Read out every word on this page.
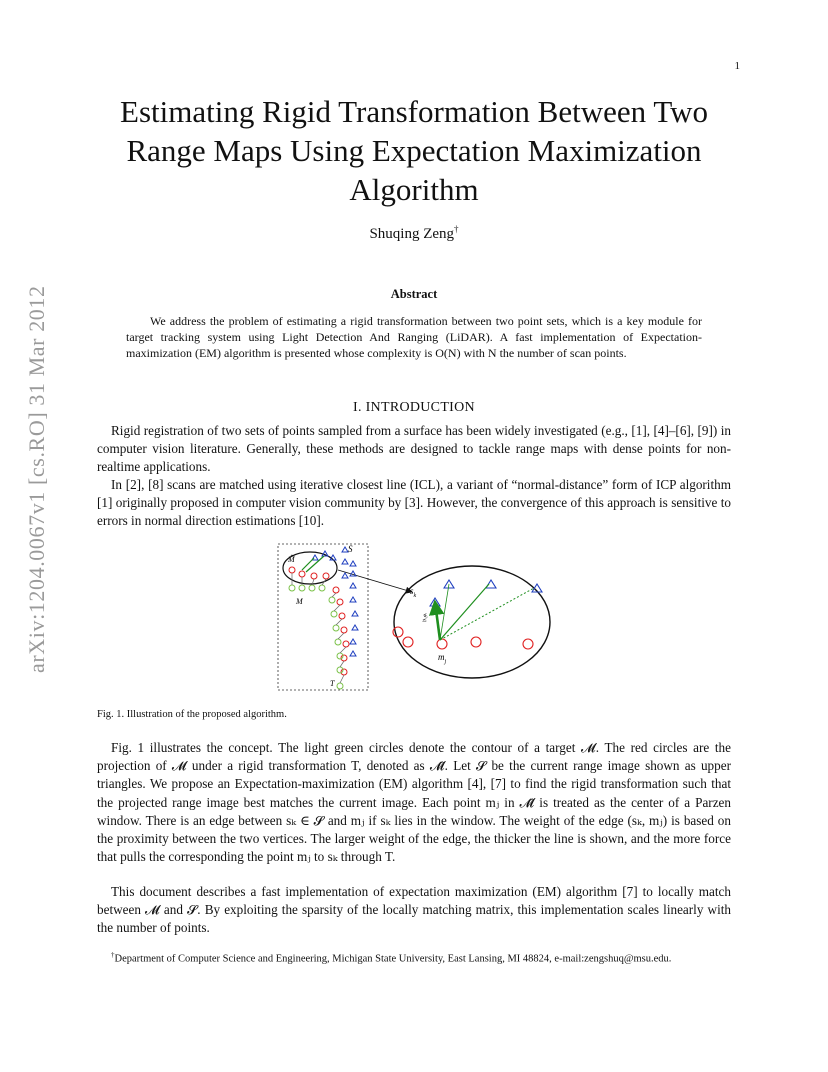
1
arXiv:1204.0067v1 [cs.RO] 31 Mar 2012
Estimating Rigid Transformation Between Two Range Maps Using Expectation Maximization Algorithm
Shuqing Zeng†
Abstract
We address the problem of estimating a rigid transformation between two point sets, which is a key module for target tracking system using Light Detection And Ranging (LiDAR). A fast implementation of Expectation-maximization (EM) algorithm is presented whose complexity is O(N) with N the number of scan points.
I. INTRODUCTION
Rigid registration of two sets of points sampled from a surface has been widely investigated (e.g., [1], [4]–[6], [9]) in computer vision literature. Generally, these methods are designed to tackle range maps with dense points for non-realtime applications.
In [2], [8] scans are matched using iterative closest line (ICL), a variant of “normal-distance” form of ICP algorithm [1] originally proposed in computer vision community by [3]. However, the convergence of this approach is sensitive to errors in normal direction estimations [10].
S
M̂
M
T
$s_k$
$m_j$
$w_{kj}$
Fig. 1. Illustration of the proposed algorithm.
Fig. 1 illustrates the concept. The light green circles denote the contour of a target 𝓜. The red circles are the projection of 𝓜 under a rigid transformation T, denoted as 𝓜̂. Let 𝓢 be the current range image shown as upper triangles. We propose an Expectation-maximization (EM) algorithm [4], [7] to find the rigid transformation such that the projected range image best matches the current image. Each point mⱼ in 𝓜̂ is treated as the center of a Parzen window. There is an edge between sₖ ∈ 𝓢 and mⱼ if sₖ lies in the window. The weight of the edge (sₖ, mⱼ) is based on the proximity between the two vertices. The larger weight of the edge, the thicker the line is shown, and the more force that pulls the corresponding the point mⱼ to sₖ through T.
This document describes a fast implementation of expectation maximization (EM) algorithm [7] to locally match between 𝓜 and 𝓢. By exploiting the sparsity of the locally matching matrix, this implementation scales linearly with the number of points.
†Department of Computer Science and Engineering, Michigan State University, East Lansing, MI 48824, e-mail:zengshuq@msu.edu.
